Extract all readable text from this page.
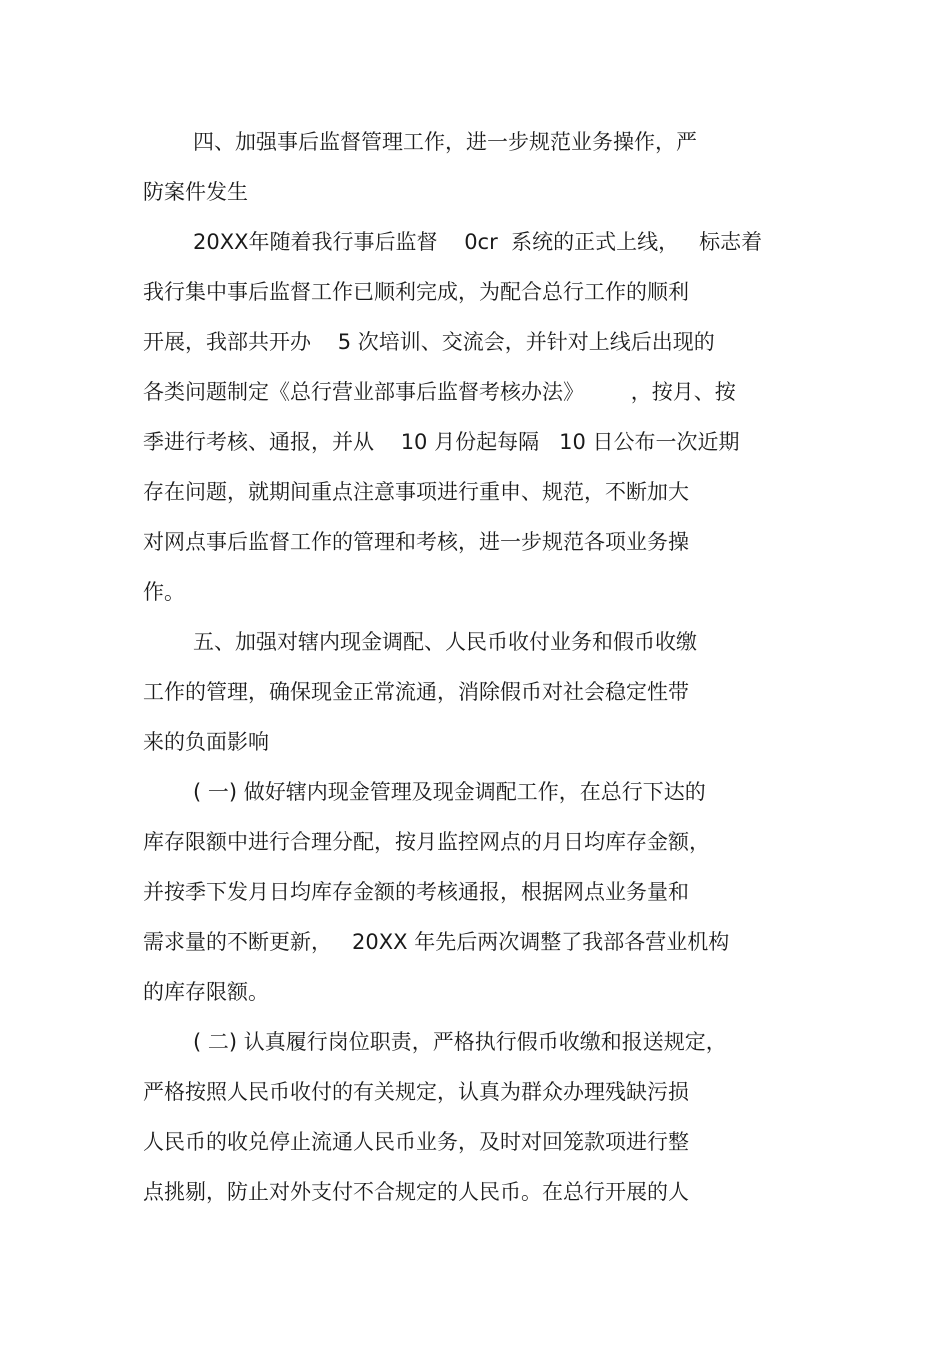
四、加强事后监督管理工作，进一步规范业务操作，严
防案件发生
20XX年随着我行事后监督    0cr  系统的正式上线，   标志着
我行集中事后监督工作已顺利完成，为配合总行工作的顺利
开展，我部共开办    5 次培训、交流会，并针对上线后出现的
各类问题制定《总行营业部事后监督考核办法》       ，按月、按
季进行考核、通报，并从    10 月份起每隔   10 日公布一次近期
存在问题，就期间重点注意事项进行重申、规范，不断加大
对网点事后监督工作的管理和考核，进一步规范各项业务操
作。
五、加强对辖内现金调配、人民币收付业务和假币收缴
工作的管理，确保现金正常流通，消除假币对社会稳定性带
来的负面影响
( 一) 做好辖内现金管理及现金调配工作，在总行下达的
库存限额中进行合理分配，按月监控网点的月日均库存金额，
并按季下发月日均库存金额的考核通报，根据网点业务量和
需求量的不断更新，   20XX 年先后两次调整了我部各营业机构
的库存限额。
( 二) 认真履行岗位职责，严格执行假币收缴和报送规定，
严格按照人民币收付的有关规定，认真为群众办理残缺污损
人民币的收兑停止流通人民币业务，及时对回笼款项进行整
点挑剔，防止对外支付不合规定的人民币。在总行开展的人
